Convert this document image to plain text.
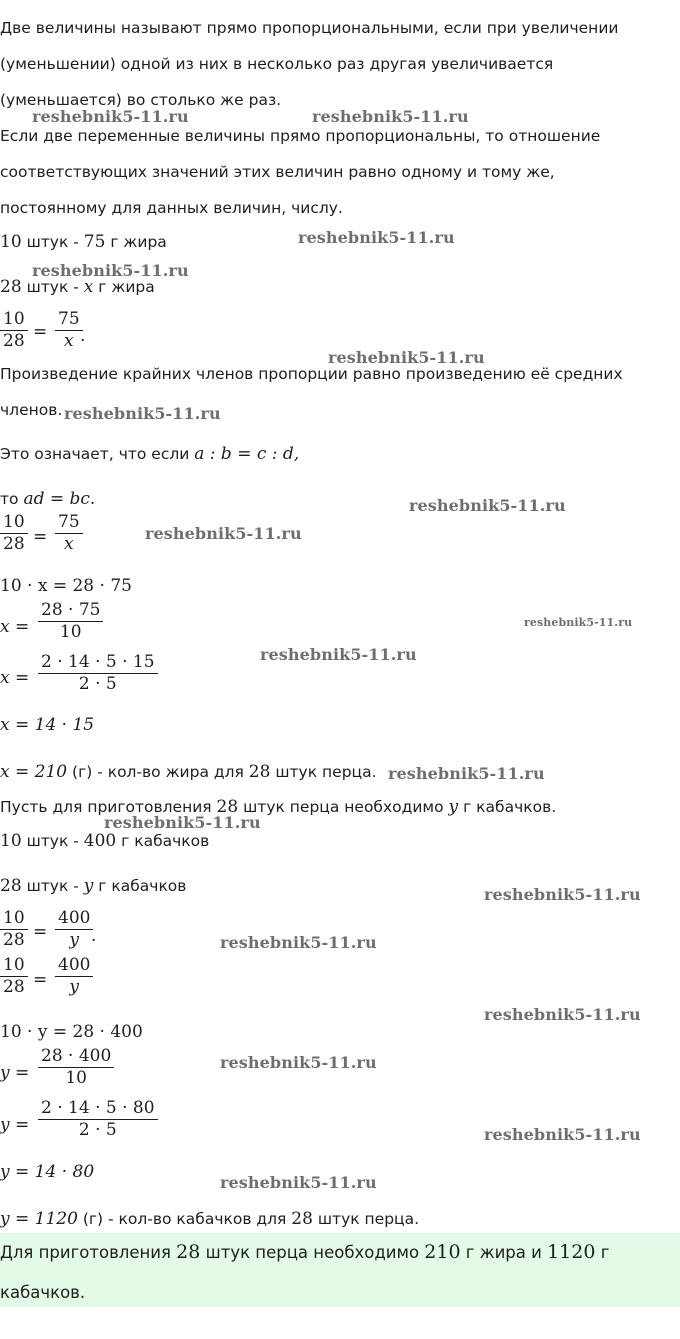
Две величины называют прямо пропорциональными, если при увеличении
(уменьшении) одной из них в несколько раз другая увеличивается
(уменьшается) во столько же раз.
Если две переменные величины прямо пропорциональны, то отношение
соответствующих значений этих величин равно одному и тому же,
постоянному для данных величин, числу.
10 штук - 75 г жира
28 штук - x г жира
10
28 =
75
x .
Произведение крайних членов пропорции равно произведению её средних
членов.
Это означает, что если a : b = c : d,
то ad = bc.
10
28 =
75
x
10 · x = 28 · 75
x =
28 · 75
10
x =
2 · 14 · 5 · 15
2 · 5
x = 14 · 15
x = 210 (г) - кол-во жира для 28 штук перца.
Пусть для приготовления 28 штук перца необходимо y г кабачков.
10 штук - 400 г кабачков
28 штук - y г кабачков
10
28 =
400
y .
10
28 =
400
y
10 · y = 28 · 400
y =
28 · 400
10
y =
2 · 14 · 5 · 80
2 · 5
y = 14 · 80
y = 1120 (г) - кол-во кабачков для 28 штук перца.
Для приготовления 28 штук перца необходимо 210 г жира и 1120 г
кабачков.
reshebnik5-11.ru	reshebnik5-11.ru
reshebnik5-11.ru
reshebnik5-11.ru
reshebnik5-11.ru
reshebnik5-11.ru
reshebnik5-11.ru
reshebnik5-11.ru
reshebnik5-11.ru
reshebnik5-11.ru
reshebnik5-11.ru
reshebnik5-11.ru
reshebnik5-11.ru
reshebnik5-11.ru
reshebnik5-11.ru
reshebnik5-11.ru
reshebnik5-11.ru
reshebnik5-11.ru
